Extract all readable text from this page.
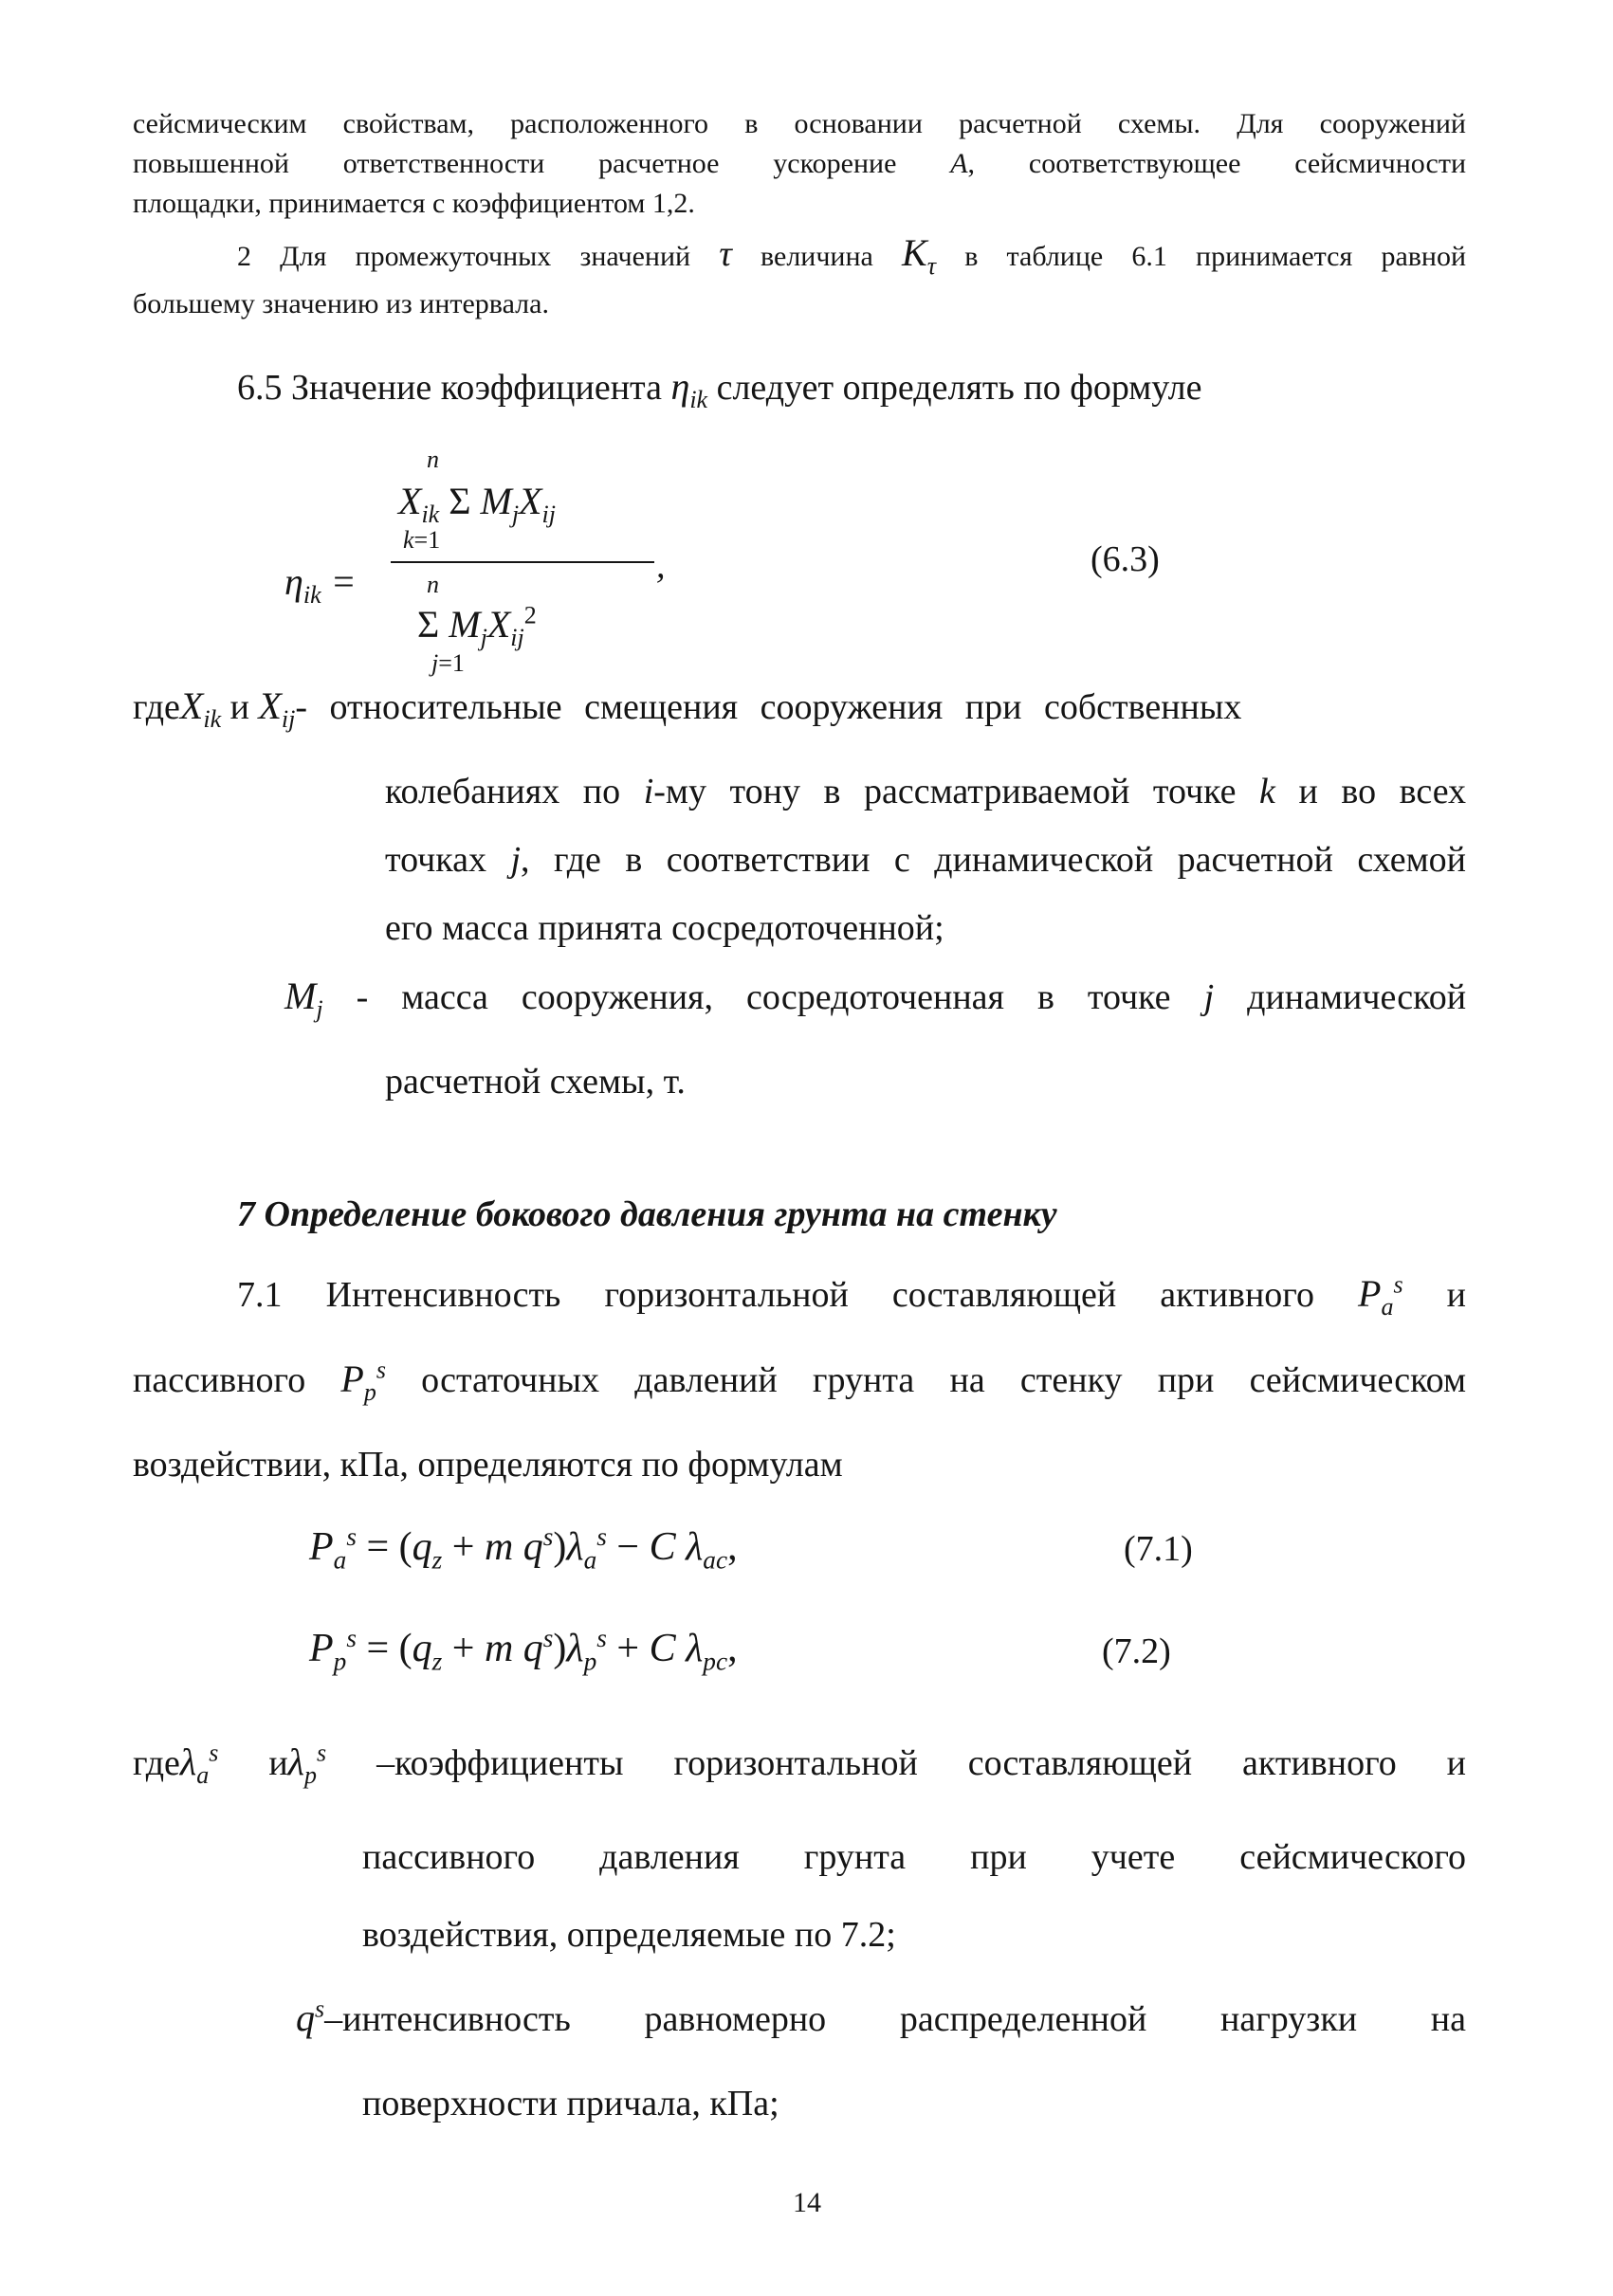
сейсмическим свойствам, расположенного в основании расчетной схемы. Для сооружений
повышенной ответственности расчетное ускорение A, соответствующее сейсмичности
площадки, принимается с коэффициентом 1,2.
2 Для промежуточных значений τ величина $K_\tau$ в таблице 6.1 принимается равной
большему значению из интервала.
6.5 Значение коэффициента $\eta_{ik}$ следует определять по формуле
$\eta_{ik}$ =
n
$X_{ik}$ Σ $M_jX_{ij}$
k=1
,
n
Σ $M_jX_{ij}^2$
j=1
(6.3)
гдеX$_{ik}$ и $X_{ij}-$ относительные смещения сооружения при собственных
колебаниях по i-му тону в рассматриваемой точке k и во всех
точках j, где в соответствии с динамической расчетной схемой
его масса принята сосредоточенной;
$M_j$ - масса сооружения, сосредоточенная в точке j динамической
расчетной схемы, т.
7 Определение бокового давления грунта на стенку
7.1 Интенсивность горизонтальной составляющей активного $P_a^s$ и
пассивного $P_p^s$ остаточных давлений грунта на стенку при сейсмическом
воздействии, кПа, определяются по формулам
$P_a^s = (q_z + m$ $q^s)\lambda_a^s - C$ $\lambda_{ac}$,	(7.1)
$P_p^s = (q_z + m$ $q^s)\lambda_p^s + C$ $\lambda_{pc}$,	(7.2)
гдеλ$_a^s$ $и\lambda_p^s$ –коэффициенты горизонтальной составляющей активного и
пассивного давления грунта при учете сейсмического
воздействия, определяемые по 7.2;
$q^s$–интенсивность равномерно распределенной нагрузки на
поверхности причала, кПа;
14
